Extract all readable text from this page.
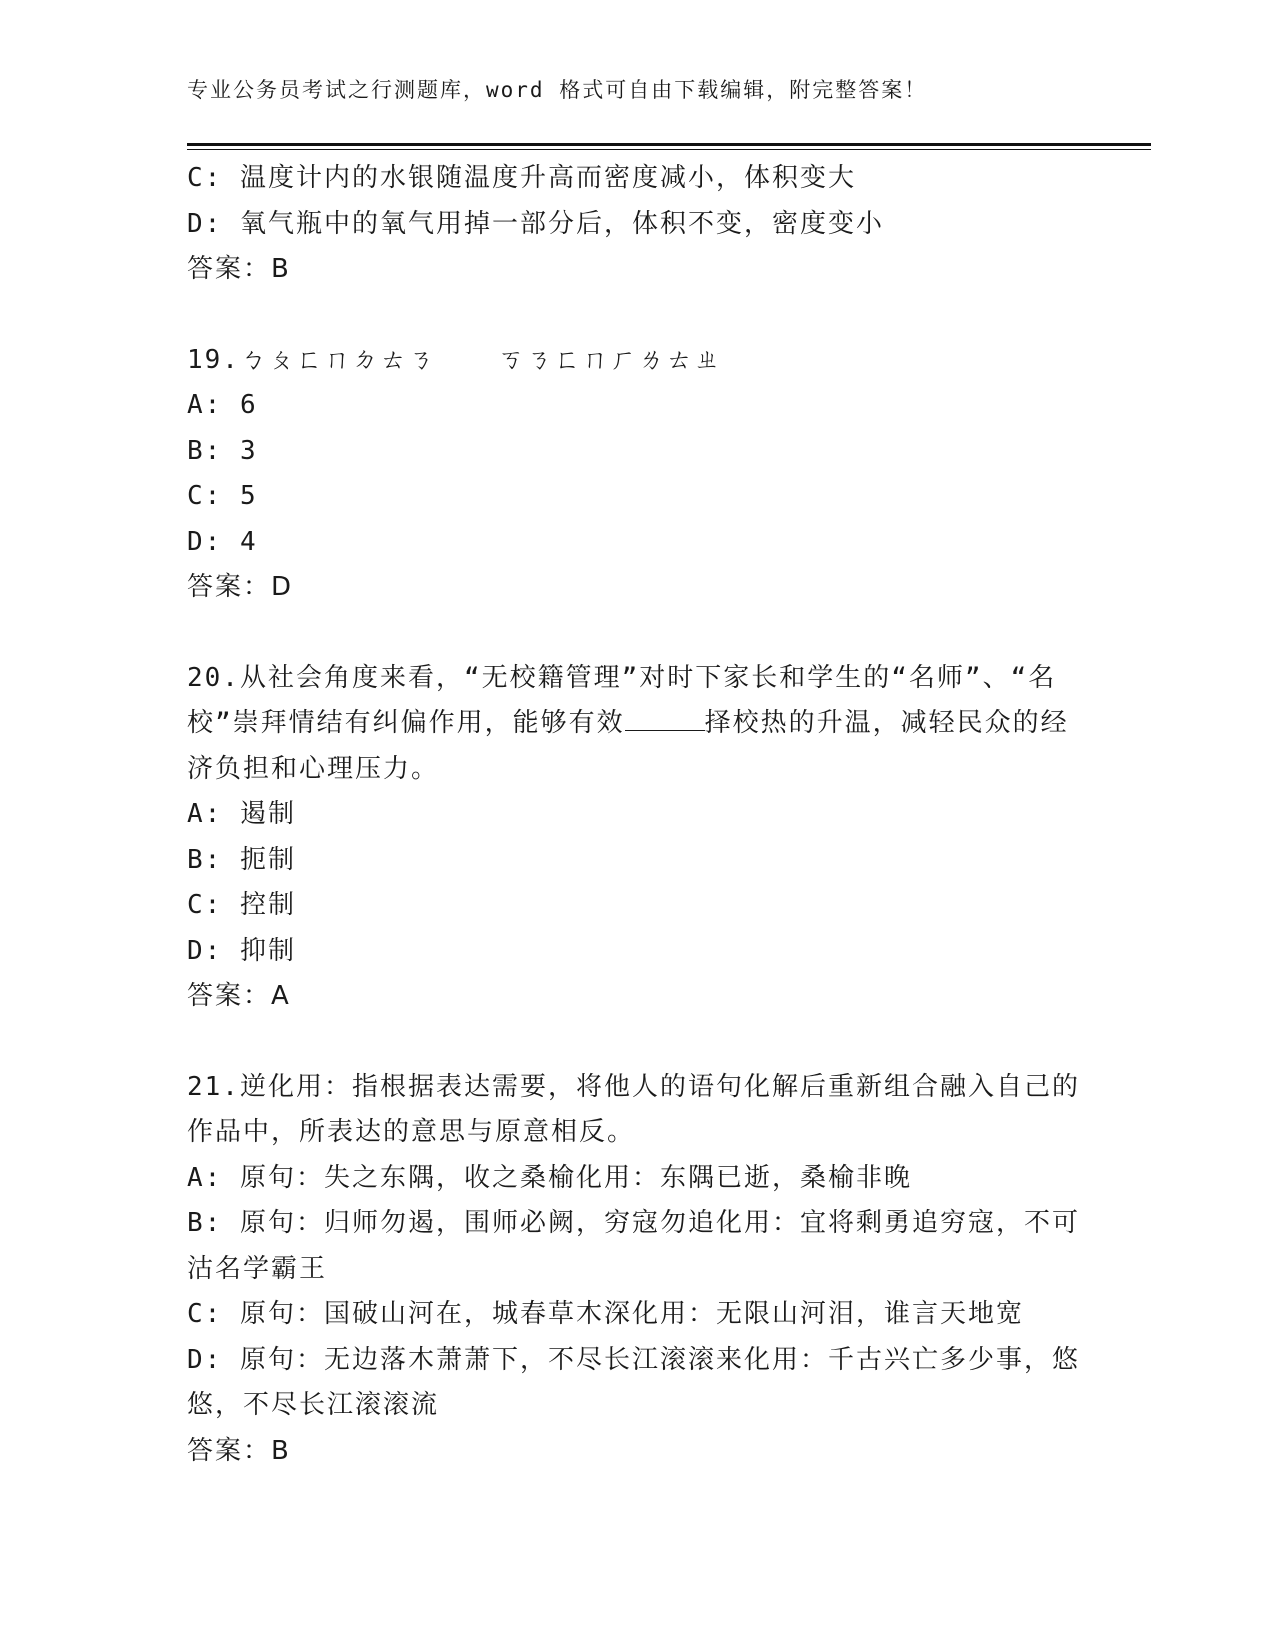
专业公务员考试之行测题库，word 格式可自由下载编辑，附完整答案！
C: 温度计内的水银随温度升高而密度减小，体积变大
D: 氧气瓶中的氧气用掉一部分后，体积不变，密度变小
答案：B
19.ㄅㄆㄈㄇㄉㄊㄋ ㄎㄋㄈㄇㄏㄌㄊㄓ
A: 6
B: 3
C: 5
D: 4
答案：D
20.从社会角度来看，“无校籍管理”对时下家长和学生的“名师”、“名校”崇拜情结有纠偏作用，能够有效	择校热的升温，减轻民众的经济负担和心理压力。
A: 遏制
B: 扼制
C: 控制
D: 抑制
答案：A
21.逆化用：指根据表达需要，将他人的语句化解后重新组合融入自己的作品中，所表达的意思与原意相反。
A: 原句：失之东隅，收之桑榆化用：东隅已逝，桑榆非晚
B: 原句：归师勿遏，围师必阙，穷寇勿追化用：宜将剩勇追穷寇，不可沽名学霸王
C: 原句：国破山河在，城春草木深化用：无限山河泪，谁言天地宽
D: 原句：无边落木萧萧下，不尽长江滚滚来化用：千古兴亡多少事，悠悠，不尽长江滚滚流
答案：B
